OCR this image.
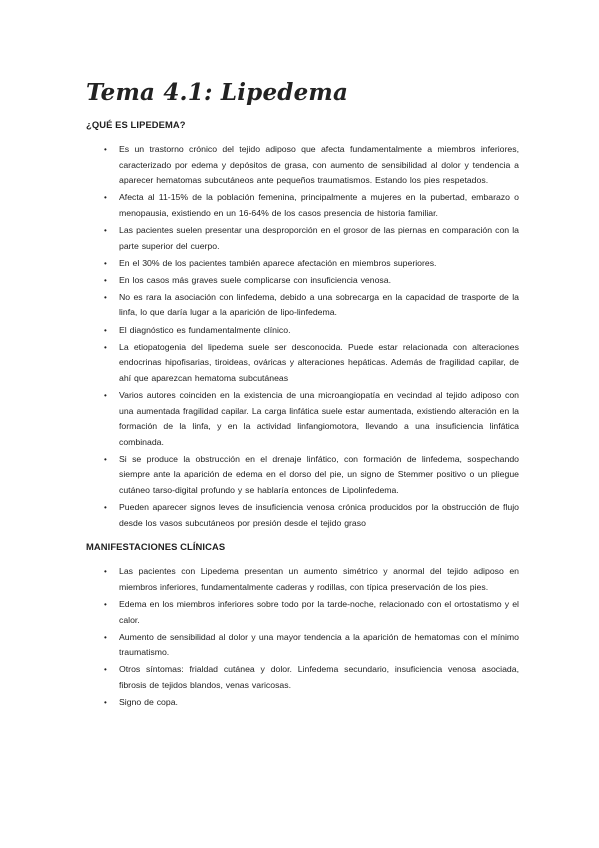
Tema 4.1: Lipedema
¿QUÉ ES LIPEDEMA?
• Es un trastorno crónico del tejido adiposo que afecta fundamentalmente a miembros inferiores, caracterizado por edema y depósitos de grasa, con aumento de sensibilidad al dolor y tendencia a aparecer hematomas subcutáneos ante pequeños traumatismos. Estando los pies respetados.
• Afecta al 11-15% de la población femenina, principalmente a mujeres en la pubertad, embarazo o menopausia, existiendo en un 16-64% de los casos presencia de historia familiar.
• Las pacientes suelen presentar una desproporción en el grosor de las piernas en comparación con la parte superior del cuerpo.
• En el 30% de los pacientes también aparece afectación en miembros superiores.
• En los casos más graves suele complicarse con insuficiencia venosa.
• No es rara la asociación con linfedema, debido a una sobrecarga en la capacidad de trasporte de la linfa, lo que daría lugar a la aparición de lipo-linfedema.
• El diagnóstico es fundamentalmente clínico.
• La etiopatogenia del lipedema suele ser desconocida. Puede estar relacionada con alteraciones endocrinas hipofisarias, tiroideas, ováricas y alteraciones hepáticas. Además de fragilidad capilar, de ahí que aparezcan hematoma subcutáneas
• Varios autores coinciden en la existencia de una microangiopatía en vecindad al tejido adiposo con una aumentada fragilidad capilar. La carga linfática suele estar aumentada, existiendo alteración en la formación de la linfa, y en la actividad linfangiomotora, llevando a una insuficiencia linfática combinada.
• Si se produce la obstrucción en el drenaje linfático, con formación de linfedema, sospechando siempre ante la aparición de edema en el dorso del pie, un signo de Stemmer positivo o un pliegue cutáneo tarso-digital profundo y se hablaría entonces de Lipolinfedema.
• Pueden aparecer signos leves de insuficiencia venosa crónica producidos por la obstrucción de flujo desde los vasos subcutáneos por presión desde el tejido graso
MANIFESTACIONES CLÍNICAS
• Las pacientes con Lipedema presentan un aumento simétrico y anormal del tejido adiposo en miembros inferiores, fundamentalmente caderas y rodillas, con típica preservación de los pies.
• Edema en los miembros inferiores sobre todo por la tarde-noche, relacionado con el ortostatismo y el calor.
• Aumento de sensibilidad al dolor y una mayor tendencia a la aparición de hematomas con el mínimo traumatismo.
• Otros síntomas: frialdad cutánea y dolor. Linfedema secundario, insuficiencia venosa asociada, fibrosis de tejidos blandos, venas varicosas.
• Signo de copa.
